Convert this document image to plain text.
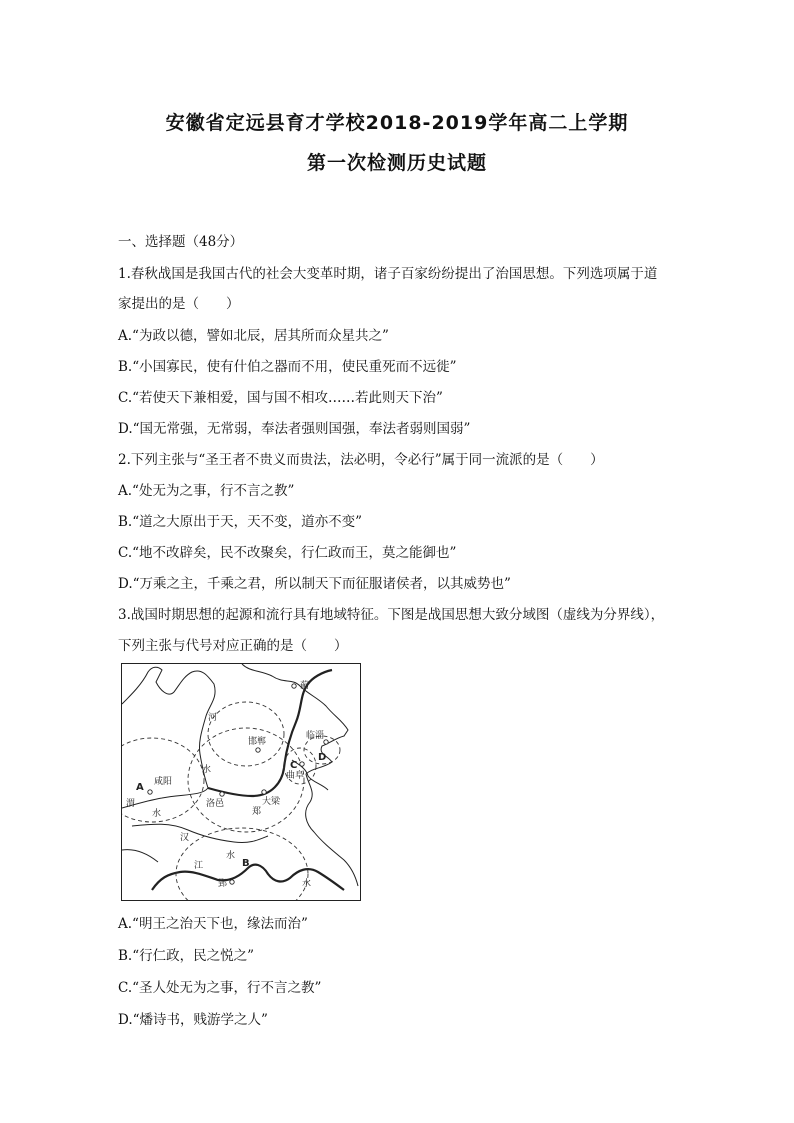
安徽省定远县育才学校2018-2019学年高二上学期
第一次检测历史试题
一、选择题（48分）
1.春秋战国是我国古代的社会大变革时期，诸子百家纷纷提出了治国思想。下列选项属于道
家提出的是（　　）
A.“为政以德，譬如北辰，居其所而众星共之”
B.“小国寡民，使有什伯之器而不用，使民重死而不远徙”
C.“若使天下兼相爱，国与国不相攻……若此则天下治”
D.“国无常强，无常弱，奉法者强则国强，奉法者弱则国弱”
2.下列主张与“圣王者不贵义而贵法，法必明，令必行”属于同一流派的是（　　）
A.“处无为之事，行不言之教”
B.“道之大原出于天，天不变，道亦不变”
C.“地不改辟矣，民不改聚矣，行仁政而王，莫之能御也”
D.“万乘之主，千乘之君，所以制天下而征服诸侯者，以其威势也”
3.战国时期思想的起源和流行具有地域特征。下图是战国思想大致分域图（虚线为分界线），
下列主张与代号对应正确的是（　　）
A
B
C
D
蓟
邯郸
临淄
曲阜
咸阳
洛邑	大梁
郑
郢
河
水
渭
水
江
汉
水
水
A.“明王之治天下也，缘法而治”
B.“行仁政，民之悦之”
C.“圣人处无为之事，行不言之教”
D.“燔诗书，贱游学之人”
